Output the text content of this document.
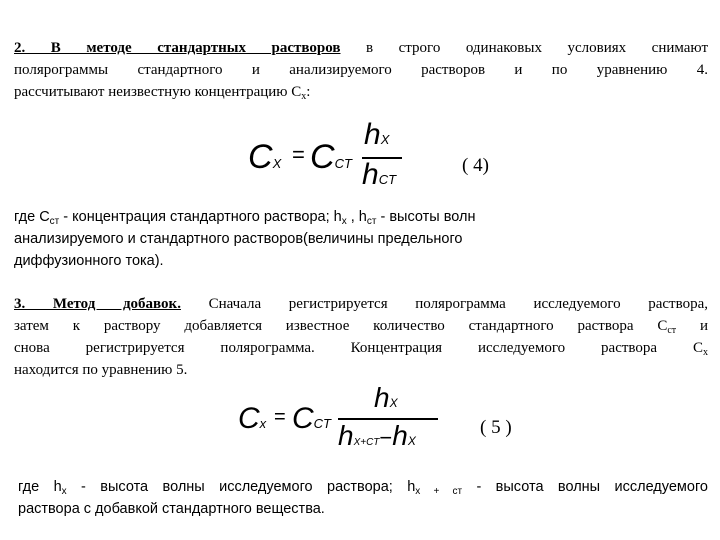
2. В методе стандартных растворов в строго одинаковых условиях снимают
полярограммы стандартного и анализируемого растворов и по уравнению 4.
рассчитывают неизвестную концентрацию $С_х$:
CX = CCT
hX
hCT
( 4)
где $С_{ст}$ - концентрация стандартного раствора; $h_х$ , $h_{ст}$ - высоты волн
анализируемого и стандартного растворов(величины предельного
диффузионного тока).
3. Метод добавок. Сначала регистрируется полярограмма исследуемого раствора,
затем к раствору добавляется известное количество стандартного раствора $С_{ст}$ и
снова регистрируется полярограмма. Концентрация исследуемого раствора $С_х$
находится по уравнению 5.
Cx = CCT
hX
hX+CT−hX
( 5 )
где $h_х$ - высота волны исследуемого раствора; $h_{х + ст}$ - высота волны исследуемого
раствора с добавкой стандартного вещества.
